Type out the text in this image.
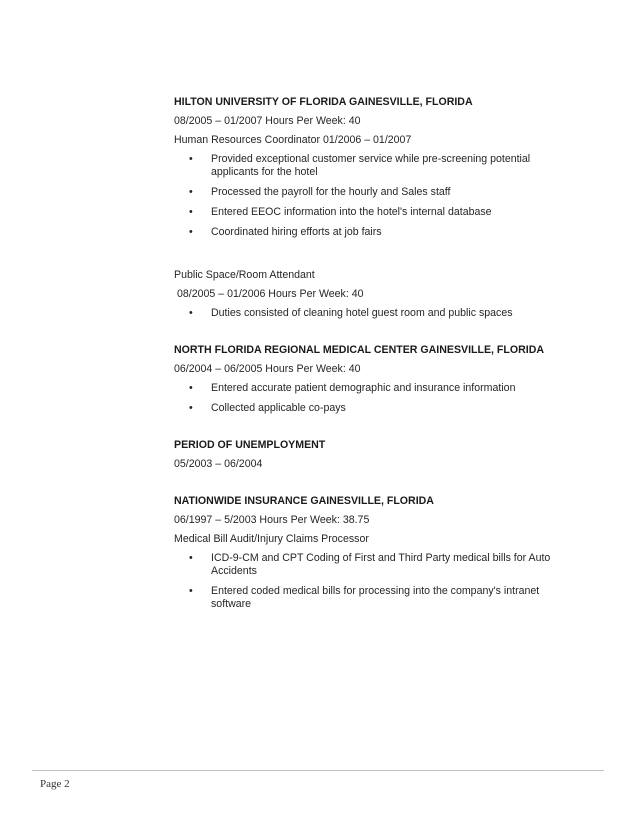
HILTON UNIVERSITY OF FLORIDA GAINESVILLE, FLORIDA

08/2005 – 01/2007 Hours Per Week: 40

Human Resources Coordinator 01/2006 – 01/2007

• Provided exceptional customer service while pre-screening potential applicants for the hotel
• Processed the payroll for the hourly and Sales staff
• Entered EEOC information into the hotel's internal database
• Coordinated hiring efforts at job fairs

Public Space/Room Attendant

08/2005 – 01/2006 Hours Per Week: 40

• Duties consisted of cleaning hotel guest room and public spaces

NORTH FLORIDA REGIONAL MEDICAL CENTER GAINESVILLE, FLORIDA

06/2004 – 06/2005 Hours Per Week: 40

• Entered accurate patient demographic and insurance information
• Collected applicable co-pays

PERIOD OF UNEMPLOYMENT

05/2003 – 06/2004

NATIONWIDE INSURANCE GAINESVILLE, FLORIDA

06/1997 – 5/2003 Hours Per Week: 38.75

Medical Bill Audit/Injury Claims Processor

• ICD-9-CM and CPT Coding of First and Third Party medical bills for Auto Accidents
• Entered coded medical bills for processing into the company's intranet software
Page 2
